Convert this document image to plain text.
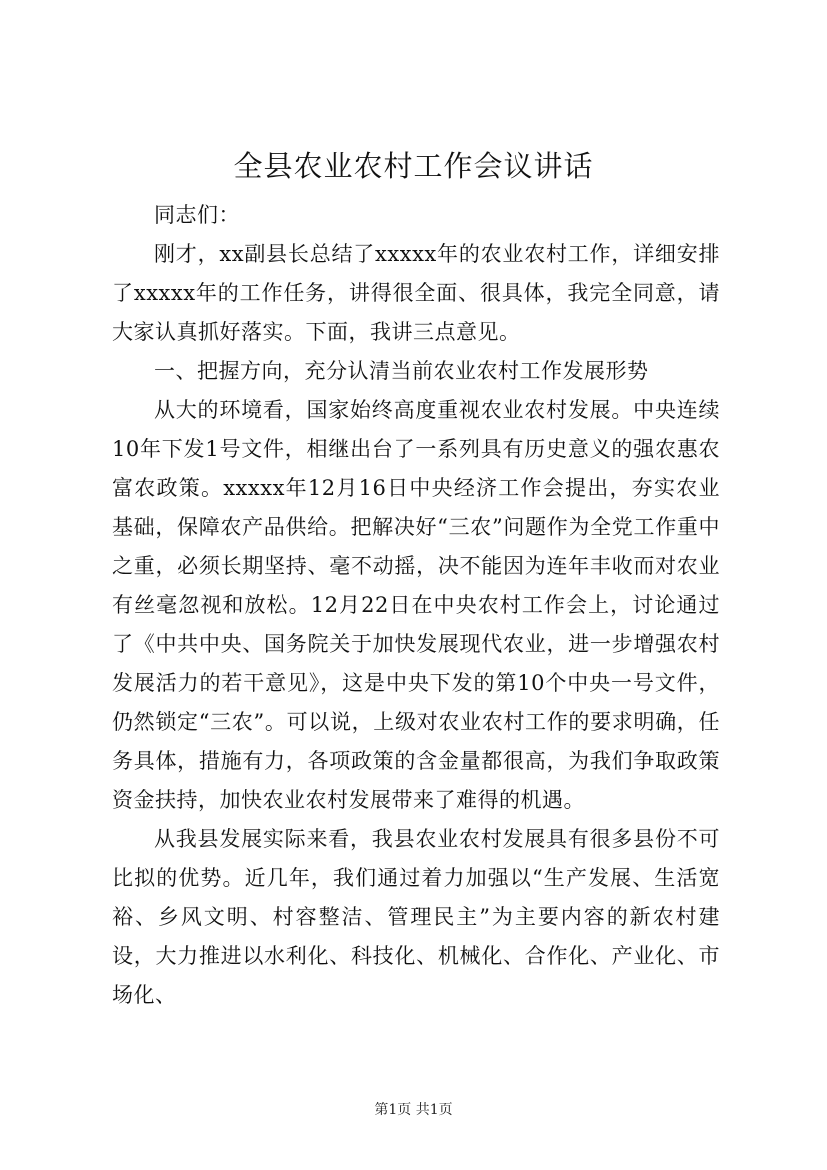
全县农业农村工作会议讲话

同志们：

刚才，xx副县长总结了xxxxx年的农业农村工作，详细安排了xxxxx年的工作任务，讲得很全面、很具体，我完全同意，请大家认真抓好落实。下面，我讲三点意见。

一、把握方向，充分认清当前农业农村工作发展形势

从大的环境看，国家始终高度重视农业农村发展。中央连续10年下发1号文件，相继出台了一系列具有历史意义的强农惠农富农政策。xxxxx年12月16日中央经济工作会提出，夯实农业基础，保障农产品供给。把解决好“三农”问题作为全党工作重中之重，必须长期坚持、毫不动摇，决不能因为连年丰收而对农业有丝毫忽视和放松。12月22日在中央农村工作会上，讨论通过了《中共中央、国务院关于加快发展现代农业，进一步增强农村发展活力的若干意见》，这是中央下发的第10个中央一号文件，仍然锁定“三农”。可以说，上级对农业农村工作的要求明确，任务具体，措施有力，各项政策的含金量都很高，为我们争取政策资金扶持，加快农业农村发展带来了难得的机遇。

从我县发展实际来看，我县农业农村发展具有很多县份不可比拟的优势。近几年，我们通过着力加强以“生产发展、生活宽裕、乡风文明、村容整洁、管理民主”为主要内容的新农村建设，大力推进以水利化、科技化、机械化、合作化、产业化、市场化、

第1页 共1页
